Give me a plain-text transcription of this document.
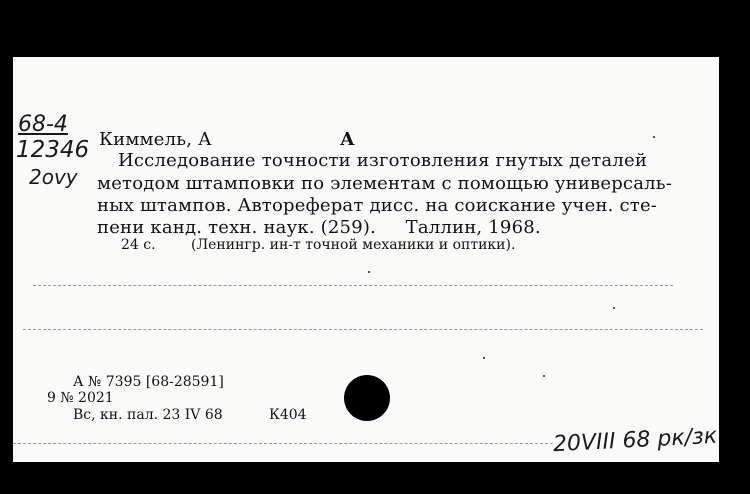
68-4
12346
2ovy
Киммель, А	А
Исследование точности изготовления гнутых деталей
методом штамповки по элементам с помощью универсаль-
ных штампов. Автореферат дисс. на соискание учен. сте-
пени канд. техн. наук. (259).     Таллин, 1968.
24 с.	(Ленингр. ин-т точной механики и оптики).
А № 7395 [68-28591]
9 № 2021
Вс, кн. пал. 23 IV 68	К404
20VIII 68 рк/зк
